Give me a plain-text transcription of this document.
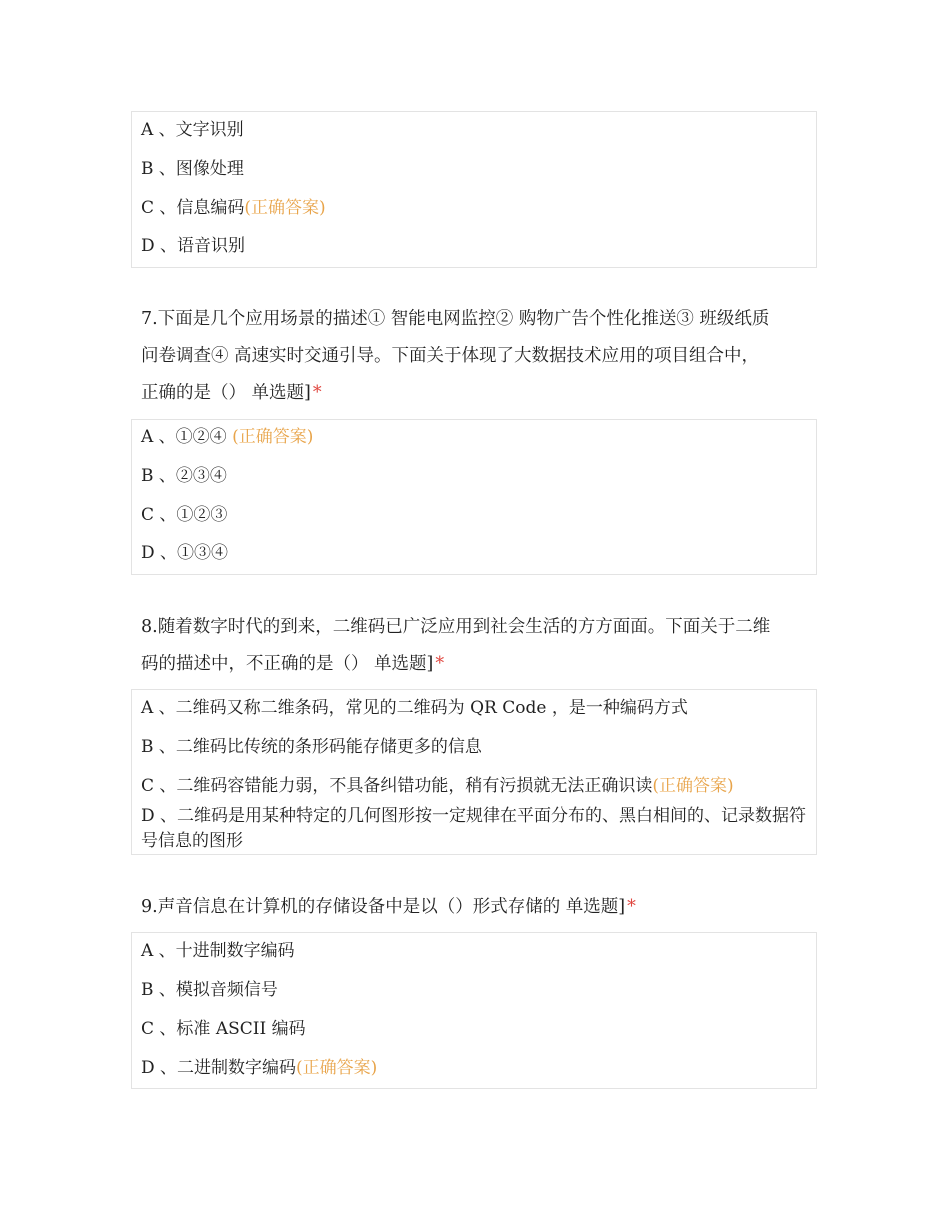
A 、文字识别
B 、图像处理
C 、信息编码(正确答案)
D 、语音识别
7.下面是几个应用场景的描述① 智能电网监控② 购物广告个性化推送③ 班级纸质
问卷调查④ 高速实时交通引导。下面关于体现了大数据技术应用的项目组合中，
正确的是（） 单选题] *
A 、①②④ (正确答案)
B 、②③④
C 、①②③
D 、①③④
8.随着数字时代的到来，二维码已广泛应用到社会生活的方方面面。下面关于二维
码的描述中，不正确的是（） 单选题] *
A 、二维码又称二维条码，常见的二维码为 QR Code ，是一种编码方式
B 、二维码比传统的条形码能存储更多的信息
C 、二维码容错能力弱，不具备纠错功能，稍有污损就无法正确识读(正确答案)
D 、二维码是用某种特定的几何图形按一定规律在平面分布的、黑白相间的、记录数据符号信息的图形
9.声音信息在计算机的存储设备中是以（）形式存储的 单选题] *
A 、十进制数字编码
B 、模拟音频信号
C 、标准 ASCII 编码
D 、二进制数字编码(正确答案)
